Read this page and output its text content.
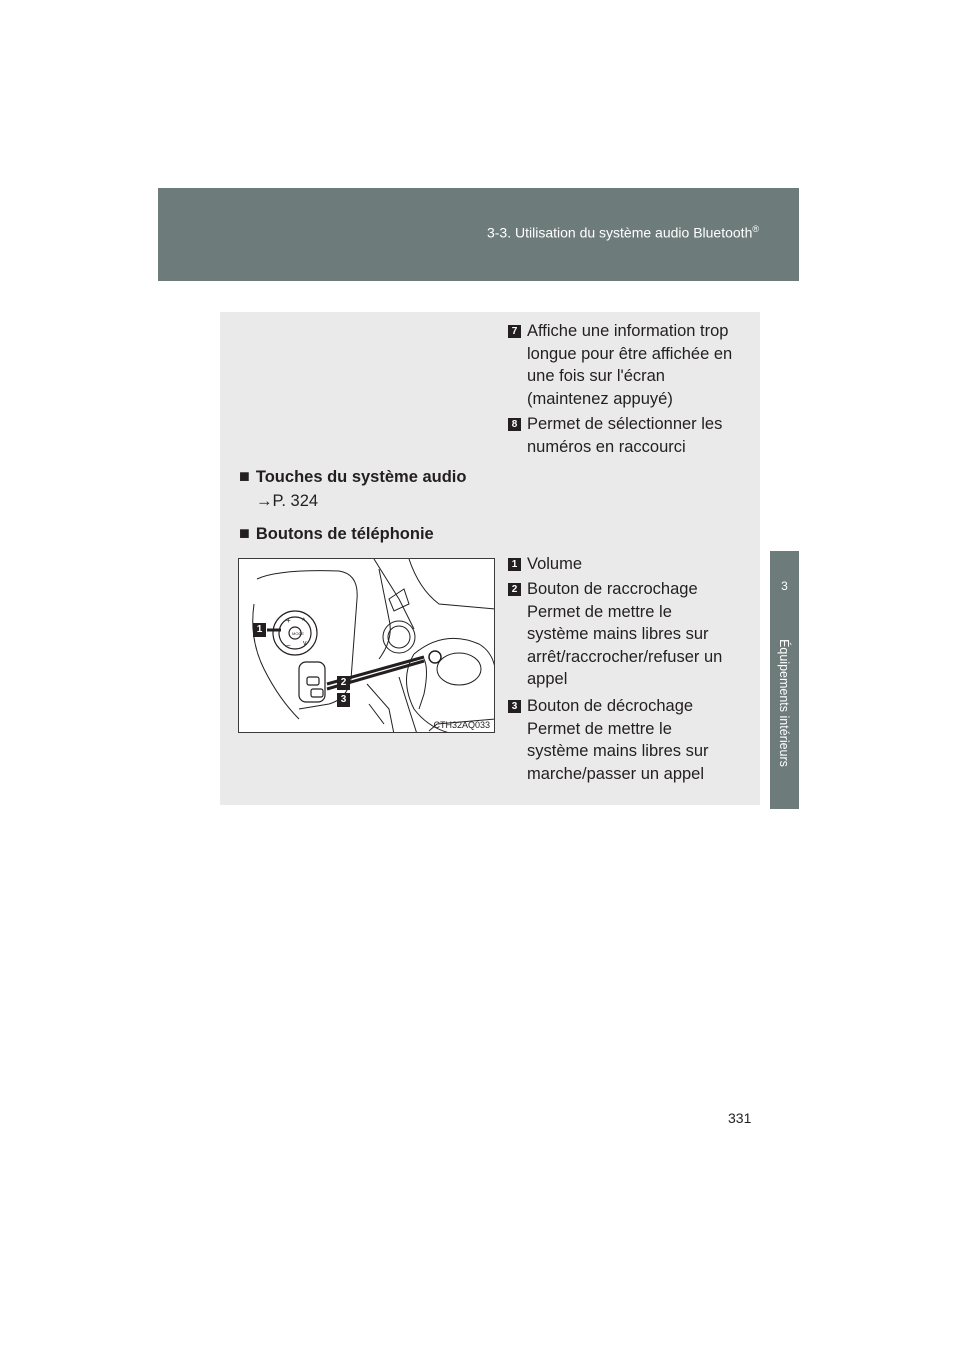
3-3. Utilisation du système audio Bluetooth®
3
Équipements intérieurs
7 Affiche une information trop
longue pour être affichée en
une fois sur l'écran
(maintenez appuyé)
8 Permet de sélectionner les
numéros en raccourci
■ Touches du système audio
→P. 324
■ Boutons de téléphonie
MODE
+
−
^
v
1
2
3
CTH32AQ033
1 Volume
2 Bouton de raccrochage
Permet de mettre le
système mains libres sur
arrêt/raccrocher/refuser un
appel
3 Bouton de décrochage
Permet de mettre le
système mains libres sur
marche/passer un appel
331
